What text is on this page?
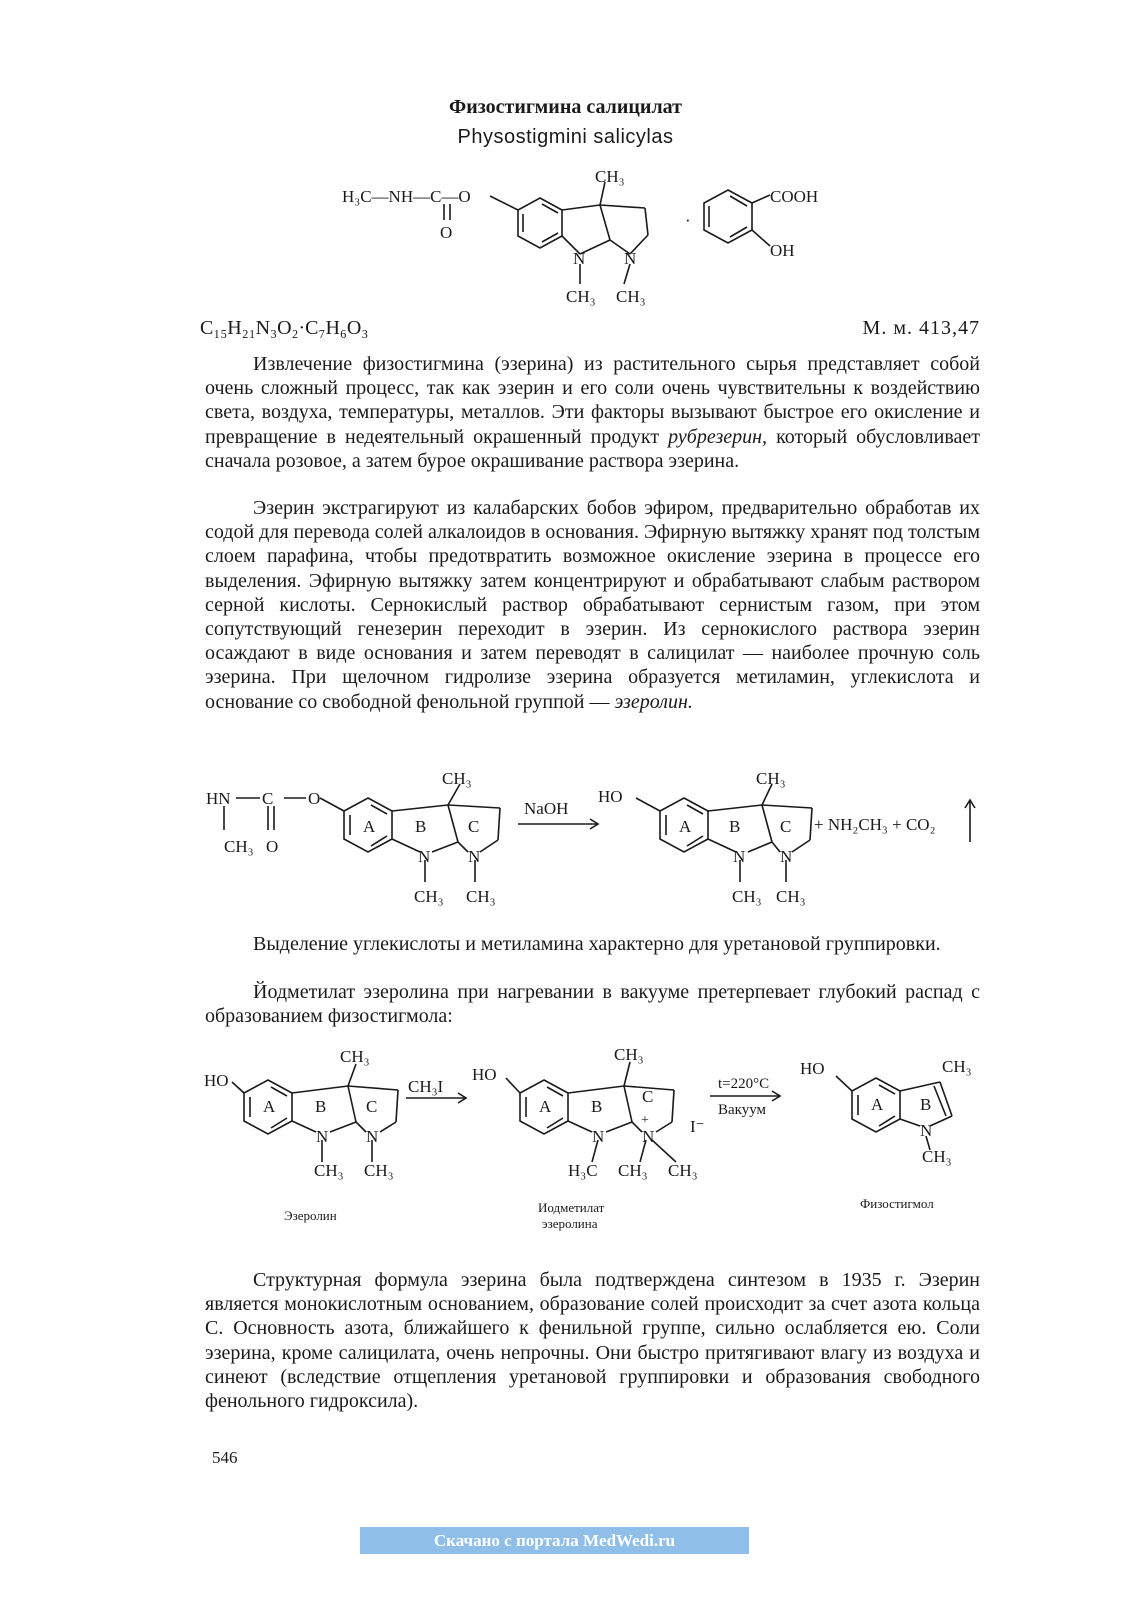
Физостигмина салицилат
Physostigmini salicylas
H₃C—NH—C—O
O
CH₃
N N
CH₃ CH₃
·
COOH
OH
C₁₅H₂₁N₃O₂·C₇H₆O₃	М. м. 413,47

Извлечение физостигмина (эзерина) из растительного сырья представляет собой очень сложный процесс, так как эзерин и его соли очень чувствительны к воздействию света, воздуха, температуры, металлов. Эти факторы вызывают быстрое его окисление и превращение в недеятельный окрашенный продукт рубрезерин, который обусловливает сначала розовое, а затем бурое окрашивание раствора эзерина.

Эзерин экстрагируют из калабарских бобов эфиром, предварительно обработав их содой для перевода солей алкалоидов в основания. Эфирную вытяжку хранят под толстым слоем парафина, чтобы предотвратить возможное окисление эзерина в процессе его выделения. Эфирную вытяжку затем концентрируют и обрабатывают слабым раствором серной кислоты. Сернокислый раствор обрабатывают сернистым газом, при этом сопутствующий генезерин переходит в эзерин. Из сернокислого раствора эзерин осаждают в виде основания и затем переводят в салицилат — наиболее прочную соль эзерина. При щелочном гидролизе эзерина образуется метиламин, углекислота и основание со свободной фенольной группой — эзеролин.

HN C O
CH₃ O
CH₃
A B C
N N
CH₃ CH₃
NaOH
HO
CH₃
A B C
N N
CH₃ CH₃
+ NH₂CH₃ + CO₂

Выделение углекислоты и метиламина характерно для уретановой группировки.

Йодметилат эзеролина при нагревании в вакууме претерпевает глубокий распад с образованием физостигмола:

HO
CH₃
A B C
N N
CH₃ CH₃
CH₃I
HO
CH₃
A B
C
+
N N
I⁻
H₃C CH₃ CH₃
t=220°C
Вакуум
HO	CH₃
A B
N
CH₃
Эзеролин
Иодметилат
эзеролина
Физостигмол

Структурная формула эзерина была подтверждена синтезом в 1935 г. Эзерин является монокислотным основанием, образование солей происходит за счет азота кольца С. Основность азота, ближайшего к фенильной группе, сильно ослабляется ею. Соли эзерина, кроме салицилата, очень непрочны. Они быстро притягивают влагу из воздуха и синеют (вследствие отщепления уретановой группировки и образования свободного фенольного гидроксила).

546
Скачано с портала MedWedi.ru
